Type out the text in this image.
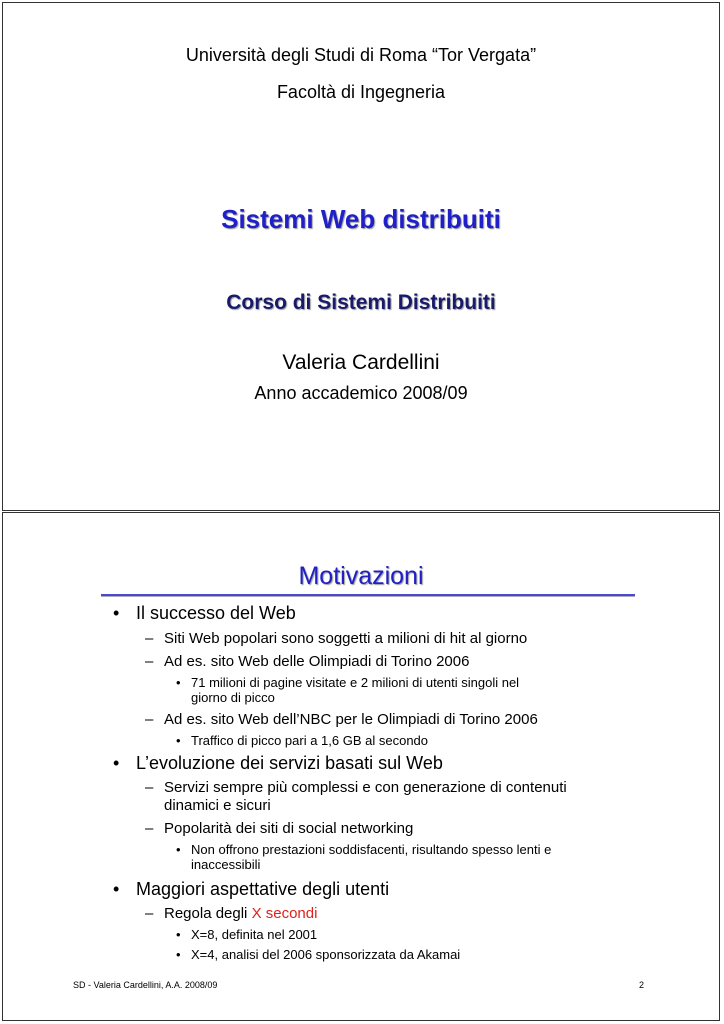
Università degli Studi di Roma “Tor Vergata”
Facoltà di Ingegneria
Sistemi Web distribuiti
Corso di Sistemi Distribuiti
Valeria Cardellini
Anno accademico 2008/09
Motivazioni
• Il successo del Web
– Siti Web popolari sono soggetti a milioni di hit al giorno
– Ad es. sito Web delle Olimpiadi di Torino 2006
• 71 milioni di pagine visitate e 2 milioni di utenti singoli nel
giorno di picco
– Ad es. sito Web dell’NBC per le Olimpiadi di Torino 2006
• Traffico di picco pari a 1,6 GB al secondo
• L’evoluzione dei servizi basati sul Web
– Servizi sempre più complessi e con generazione di contenuti
dinamici e sicuri
– Popolarità dei siti di social networking
• Non offrono prestazioni soddisfacenti, risultando spesso lenti e
inaccessibili
• Maggiori aspettative degli utenti
– Regola degli X secondi
• X=8, definita nel 2001
• X=4, analisi del 2006 sponsorizzata da Akamai
SD - Valeria Cardellini, A.A. 2008/09	2
